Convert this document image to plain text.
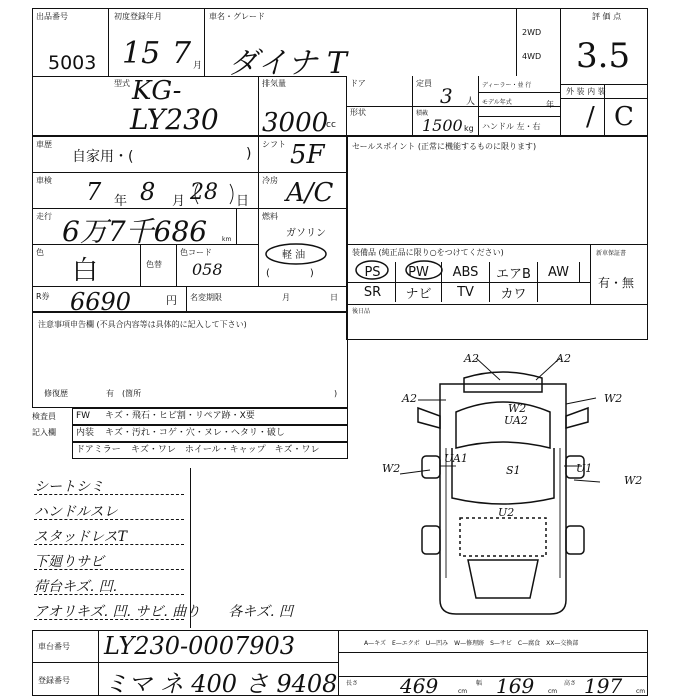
出品番号
5003
初度登録年月
15 7 月
車名・グレード
ダイナ T
2WD
4WD
評 価 点
3.5
型式 KG-
LY230
排気量
3000
cc
ドア	定員
3 人
ディーラー・並 行
モデル年式	年
形状	積載
1500 kg ハンドル 左・右
外 装 内 装
/ C
車歴
自家用・(	)
シフト 5F
車検 7 年 8 月 28 日
冷房 A/C
走行 6万7千686 km
燃料
ガソリン
軽 油
(　　　　)
色
白	色替
色コード
058
R券 6690	円 名変期限	月	日
セールスポイント (正常に機能するものに限ります)
装備品 (純正品に限り○をつけてください)	新車保証書
有・無
PS	PW	ABS	エアB	AW
SR	ナビ	TV	カワ
後日品
注意事項申告欄 (不具合内容等は具体的に記入して下さい)
修復歴	有 (箇所	)
検査員
記入欄
FW キズ・飛石・ヒビ割・リペア跡・X要
内装 キズ・汚れ・コゲ・穴・ヌレ・ヘタリ・破し
ドアミラー キズ・ワレ　ホイール・キャップ　キズ・ワレ
シートシミ
ハンドルスレ
スタッドレスT
下廻りサビ
荷台キズ. 凹.
アオリキズ. 凹. サビ. 曲り　　各キズ. 凹
車台番号 LY230-0007903
登録番号 ミマ ネ 400 さ 9408
A—キズ　E—エクボ　U—凹み　W—修理跡　S—サビ　C—腐食　XX—交換部
長さ 469	cm
幅 169 cm
高さ 197 cm
A2	A2
A2	W2
W2
UA2
UA1
U1
W2
W2
S1
U2
